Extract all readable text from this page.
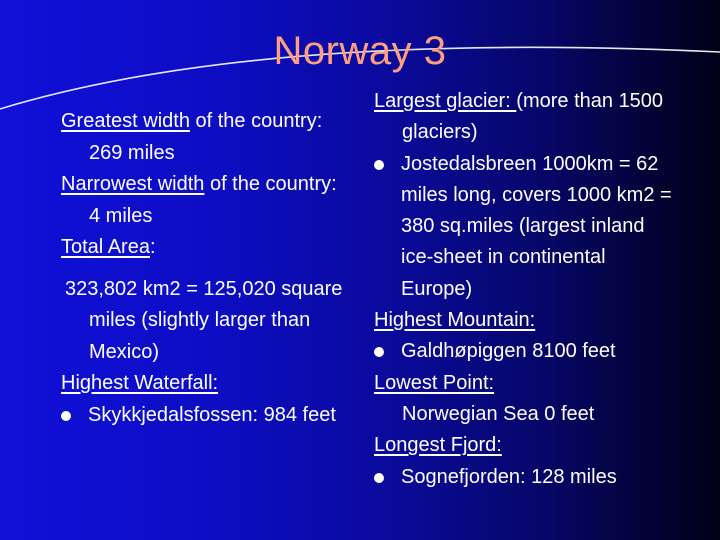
Norway 3

Greatest width of the country: 269 miles

Narrowest width of the country: 4 miles

Total Area:

323,802 km2 = 125,020 square miles (slightly larger than Mexico)

Highest Waterfall:

Skykkjedalsfossen: 984 feet

Largest glacier: (more than 1500 glaciers)

Jostedalsbreen 1000km = 62 miles long, covers 1000 km2 = 380 sq.miles (largest inland ice-sheet in continental Europe)

Highest Mountain:

Galdhøpiggen 8100 feet

Lowest Point:

Norwegian Sea 0 feet

Longest Fjord:

Sognefjorden: 128 miles
